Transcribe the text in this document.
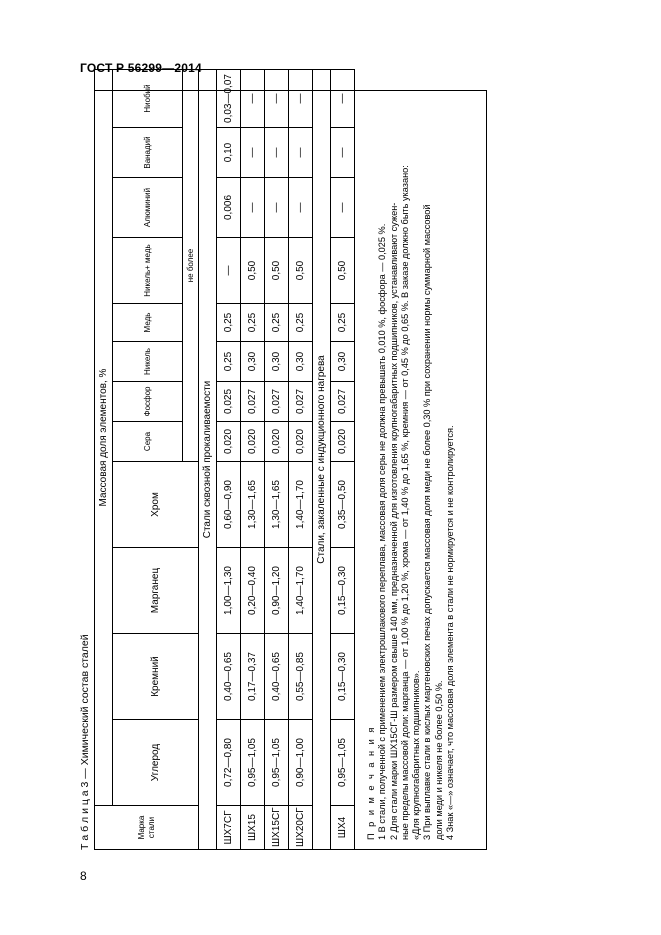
ГОСТ Р 56299—2014
Т а б л и ц а 3 — Химический состав сталей	Марка стали	Массовая доля элементов, %												
	Углерод	Кремний	Марганец	Хром	Сера	Фосфор	Никель	Медь	Никель+ медь	Алюминий	Ванадий	Ниобий	
					не более								
Стали сквозной прокаливаемости													
ШХ7СГ	0,72—0,80	0,40—0,65	1,00—1,30	0,60—0,90	0,020	0,025	0,25	0,25	—	0,006	0,10	0,03—0,07	
ШХ15	0,95—1,05	0,17—0,37	0,20—0,40	1,30—1,65	0,020	0,027	0,30	0,25	0,50	—	—	—	
ШХ15СГ	0,95—1,05	0,40—0,65	0,90—1,20	1,30—1,65	0,020	0,027	0,30	0,25	0,50	—	—	—	
ШХ20СГ	0,90—1,00	0,55—0,85	1,40—1,70	1,40—1,70	0,020	0,027	0,30	0,25	0,50	—	—	—	
Стали, закаленные с индукционного нагрева													
ШХ4	0,95—1,05	0,15—0,30	0,15—0,30	0,35—0,50	0,020	0,027	0,30	0,25	0,50	—	—	—	
П р и м е ч а н и я 1 В стали, полученной с применением электрошлакового переплава, массовая доля серы не должна превышать 0,010 %, фосфора — 0,025 %. 2 Для стали марки ШХ15СГ-Ш размером свыше 140 мм, предназначенной для изготовления крупногабаритных подшипников, устанавливают сужен- ные пределы массовой доли: марганца — от 1,00 % до 1,20 %, хрома — от 1,40 % до 1,65 %, кремния — от 0,45 % до 0,65 %. В заказе должно быть указано: «Для крупногабаритных подшипников». 3 При выплавке стали в кислых мартеновских печах допускается массовая доля меди не более 0,30 % при сохранении нормы суммарной массовой доли меди и никеля не более 0,50 %. 4 Знак «—» означает, что массовая доля элемента в стали не нормируется и не контролируется.
8
